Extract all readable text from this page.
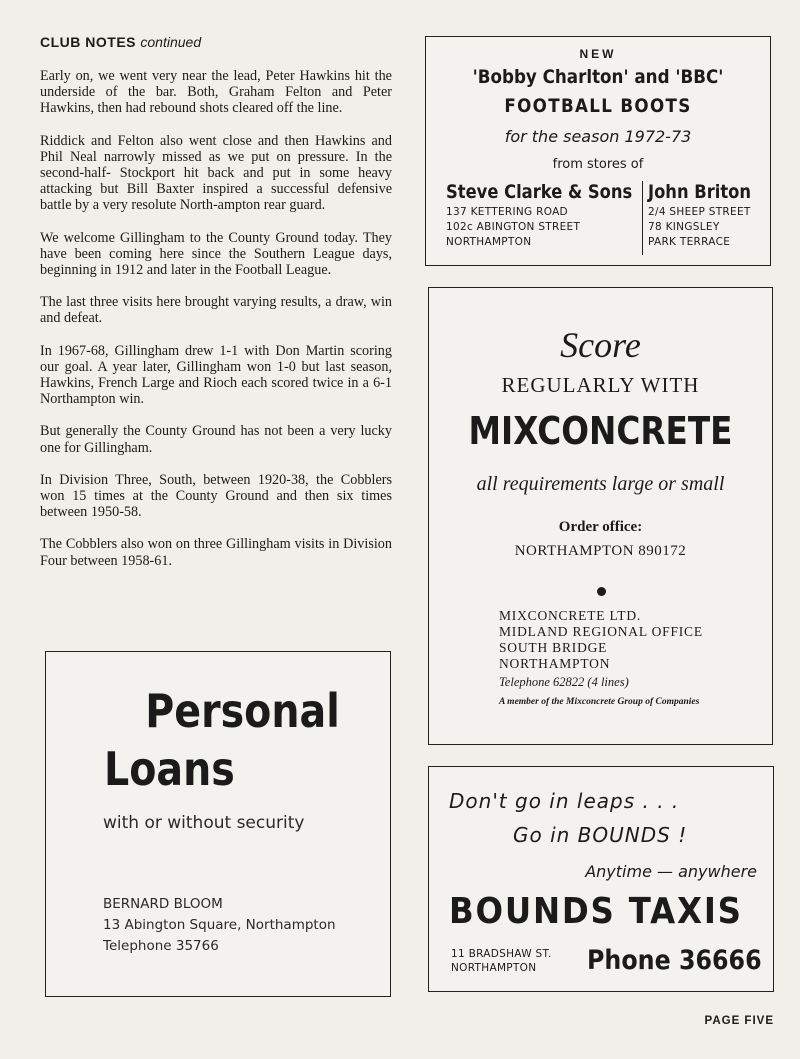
CLUB NOTES continued

Early on, we went very near the lead, Peter Hawkins hit the underside of the bar. Both, Graham Felton and Peter Hawkins, then had rebound shots cleared off the line.

Riddick and Felton also went close and then Hawkins and Phil Neal narrowly missed as we put on pressure. In the second-half- Stockport hit back and put in some heavy attacking but Bill Baxter inspired a successful defensive battle by a very resolute North-ampton rear guard.

We welcome Gillingham to the County Ground today. They have been coming here since the Southern League days, beginning in 1912 and later in the Football League.

The last three visits here brought varying results, a draw, win and defeat.

In 1967-68, Gillingham drew 1-1 with Don Martin scoring our goal. A year later, Gillingham won 1-0 but last season, Hawkins, French Large and Rioch each scored twice in a 6-1 Northampton win.

But generally the County Ground has not been a very lucky one for Gillingham.

In Division Three, South, between 1920-38, the Cobblers won 15 times at the County Ground and then six times between 1950-58.

The Cobblers also won on three Gillingham visits in Division Four between 1958-61.

Personal
Loans
with or without security
BERNARD BLOOM
13 Abington Square, Northampton
Telephone 35766
NEW
'Bobby Charlton' and 'BBC'
FOOTBALL BOOTS
for the season 1972-73
from stores of
Steve Clarke & Sons
137 KETTERING ROAD
102c ABINGTON STREET
NORTHAMPTON
John Briton
2/4 SHEEP STREET
78 KINGSLEY
PARK TERRACE
Score
REGULARLY WITH
MIXCONCRETE
all requirements large or small
Order office:
NORTHAMPTON 890172
MIXCONCRETE LTD.
MIDLAND REGIONAL OFFICE
SOUTH BRIDGE
NORTHAMPTON
Telephone 62822 (4 lines)
A member of the Mixconcrete Group of Companies
Don't go in leaps . . .
Go in BOUNDS !
Anytime — anywhere
BOUNDS TAXIS
11 BRADSHAW ST.
NORTHAMPTON	Phone 36666
PAGE FIVE
